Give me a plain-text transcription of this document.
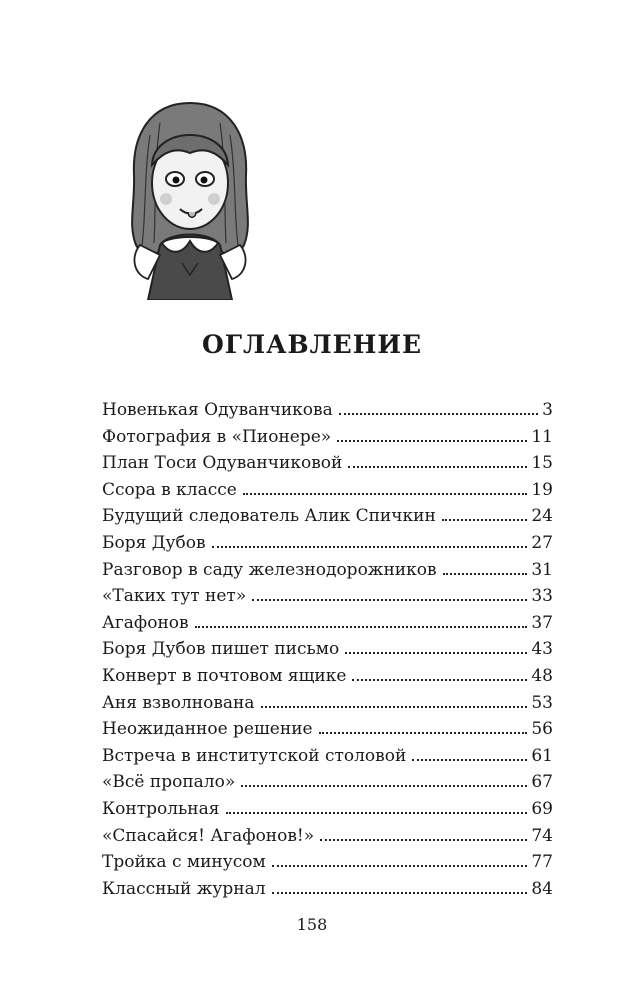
ОГЛАВЛЕНИЕ
Новенькая Одуванчикова	3
Фотография в «Пионере»	11
План Тоси Одуванчиковой	15
Ссора в классе	19
Будущий следователь Алик Спичкин	24
Боря Дубов	27
Разговор в саду железнодорожников	31
«Таких тут нет»	33
Агафонов	37
Боря Дубов пишет письмо	43
Конверт в почтовом ящике	48
Аня взволнована	53
Неожиданное решение	56
Встреча в институтской столовой	61
«Всё пропало»	67
Контрольная	69
«Спасайся! Агафонов!»	74
Тройка с минусом	77
Классный журнал	84
158
